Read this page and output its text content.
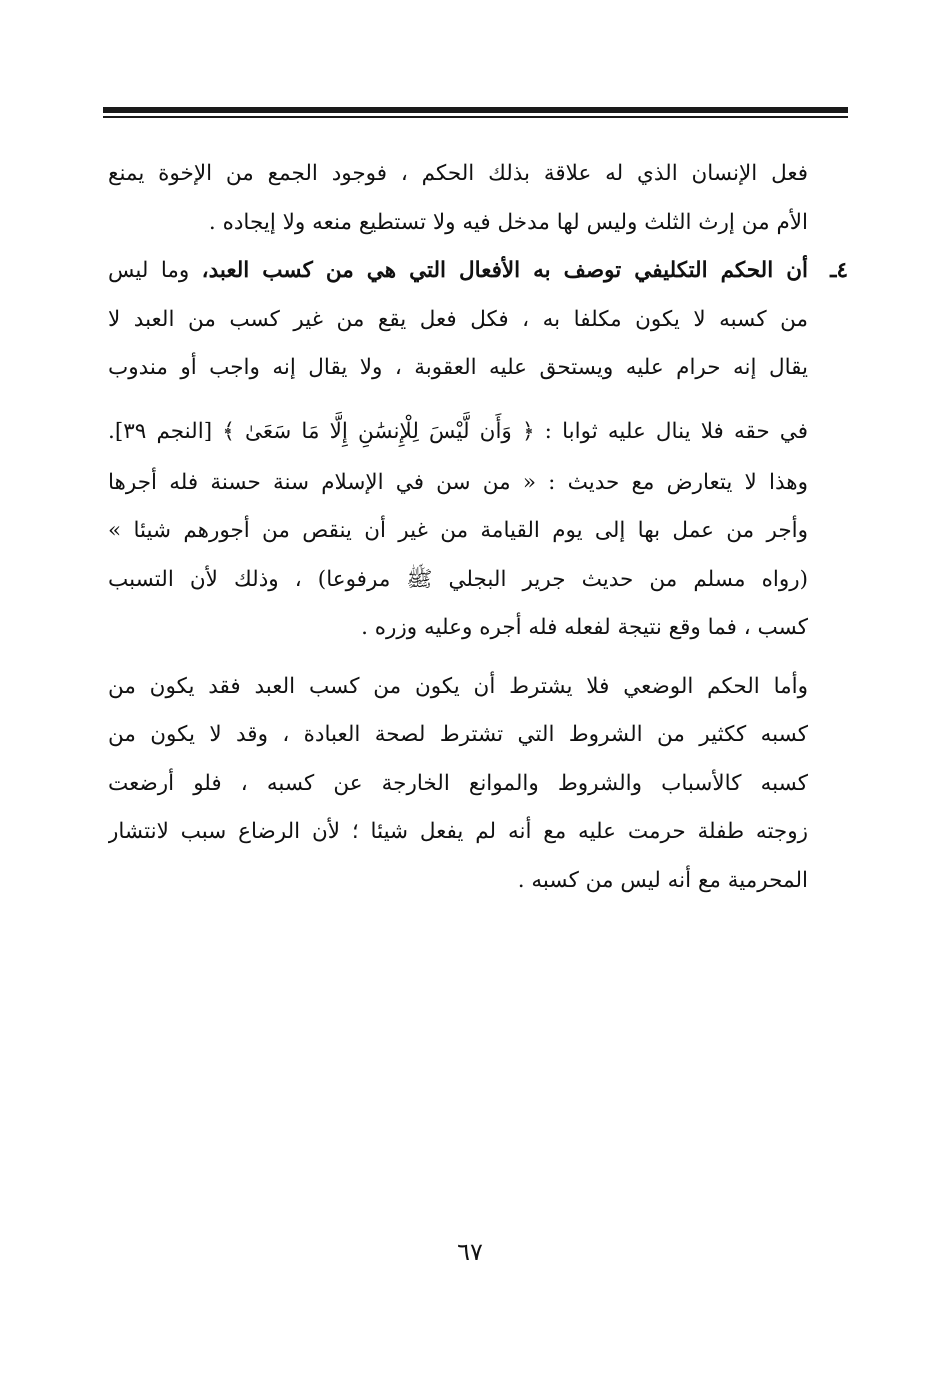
فعل الإنسان الذي له علاقة بذلك الحكم ، فوجود الجمع من الإخوة يمنع
الأم من إرث الثلث وليس لها مدخل فيه ولا تستطيع منعه ولا إيجاده .
٤ـ
أن الحكم التكليفي توصف به الأفعال التي هي من كسب العبد، وما ليس
من كسبه لا يكون مكلفا به ، فكل فعل يقع من غير كسب من العبد لا
يقال إنه حرام عليه ويستحق عليه العقوبة ، ولا يقال إنه واجب أو مندوب
في حقه فلا ينال عليه ثوابا : ﴿ وَأَن لَّيْسَ لِلْإِنسَٰنِ إِلَّا مَا سَعَىٰ ﴾ [النجم ٣٩].
وهذا لا يتعارض مع حديث : « من سن في الإسلام سنة حسنة فله أجرها
وأجر من عمل بها إلى يوم القيامة من غير أن ينقص من أجورهم شيئا »
(رواه مسلم من حديث جرير البجلي ﷺ مرفوعا) ، وذلك لأن التسبب
كسب ، فما وقع نتيجة لفعله فله أجره وعليه وزره .
وأما الحكم الوضعي فلا يشترط أن يكون من كسب العبد فقد يكون من
كسبه ككثير من الشروط التي تشترط لصحة العبادة ، وقد لا يكون من
كسبه كالأسباب والشروط والموانع الخارجة عن كسبه ، فلو أرضعت
زوجته طفلة حرمت عليه مع أنه لم يفعل شيئا ؛ لأن الرضاع سبب لانتشار
المحرمية مع أنه ليس من كسبه .
٦٧
